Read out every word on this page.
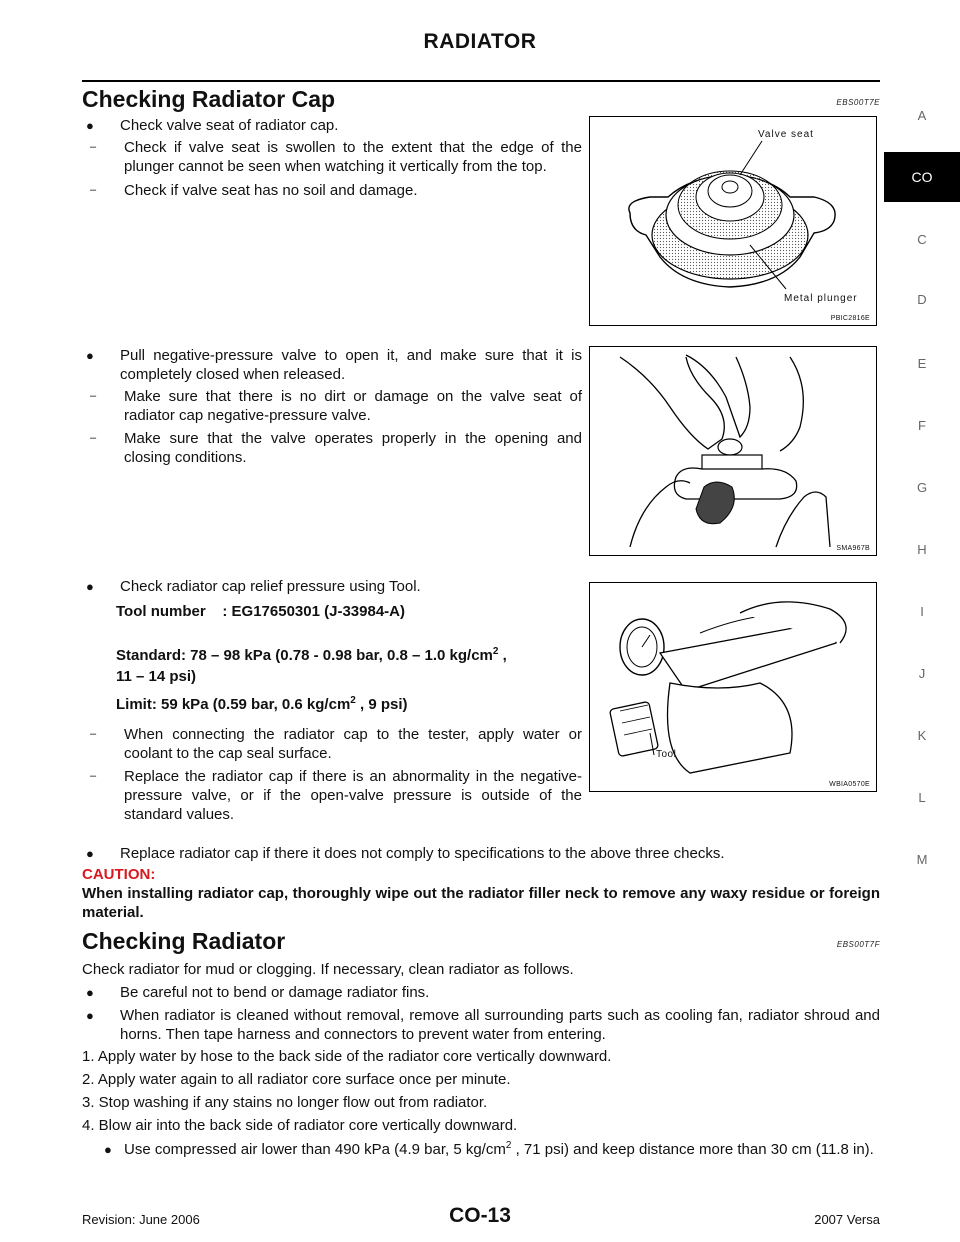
RADIATOR
A
CO
C
D
E
F
G
H
I
J
K
L
M
Checking Radiator Cap	EBS00T7E
●	Check valve seat of radiator cap.
–	Check if valve seat is swollen to the extent that the edge of the plunger cannot be seen when watching it vertically from the top.
–	Check if valve seat has no soil and damage.
Valve seat
Metal plunger
PBIC2816E
●	Pull negative-pressure valve to open it, and make sure that it is completely closed when released.
–	Make sure that there is no dirt or damage on the valve seat of radiator cap negative-pressure valve.
–	Make sure that the valve operates properly in the opening and closing conditions.
SMA967B
●	Check radiator cap relief pressure using Tool.
Tool number    : EG17650301 (J-33984-A)
Standard: 78 – 98 kPa (0.78 - 0.98 bar, 0.8 – 1.0 $kg/cm^2$ ,
11 – 14 psi)
Limit: 59 kPa (0.59 bar, 0.6 $kg/cm^2$ , 9 psi)
–	When connecting the radiator cap to the tester, apply water or coolant to the cap seal surface.
–	Replace the radiator cap if there is an abnormality in the negative-pressure valve, or if the open-valve pressure is outside of the standard values.
Tool
WBIA0570E
●	Replace radiator cap if there it does not comply to specifications to the above three checks.
CAUTION:
When installing radiator cap, thoroughly wipe out the radiator filler neck to remove any waxy residue or foreign material.
Checking Radiator	EBS00T7F
Check radiator for mud or clogging. If necessary, clean radiator as follows.
●	Be careful not to bend or damage radiator fins.
●	When radiator is cleaned without removal, remove all surrounding parts such as cooling fan, radiator shroud and horns. Then tape harness and connectors to prevent water from entering.
1. Apply water by hose to the back side of the radiator core vertically downward.
2. Apply water again to all radiator core surface once per minute.
3. Stop washing if any stains no longer flow out from radiator.
4. Blow air into the back side of radiator core vertically downward.
● Use compressed air lower than 490 kPa (4.9 bar, 5 $kg/cm^2$ , 71 psi) and keep distance more than 30 cm (11.8 in).
Revision: June 2006	CO-13	2007 Versa
